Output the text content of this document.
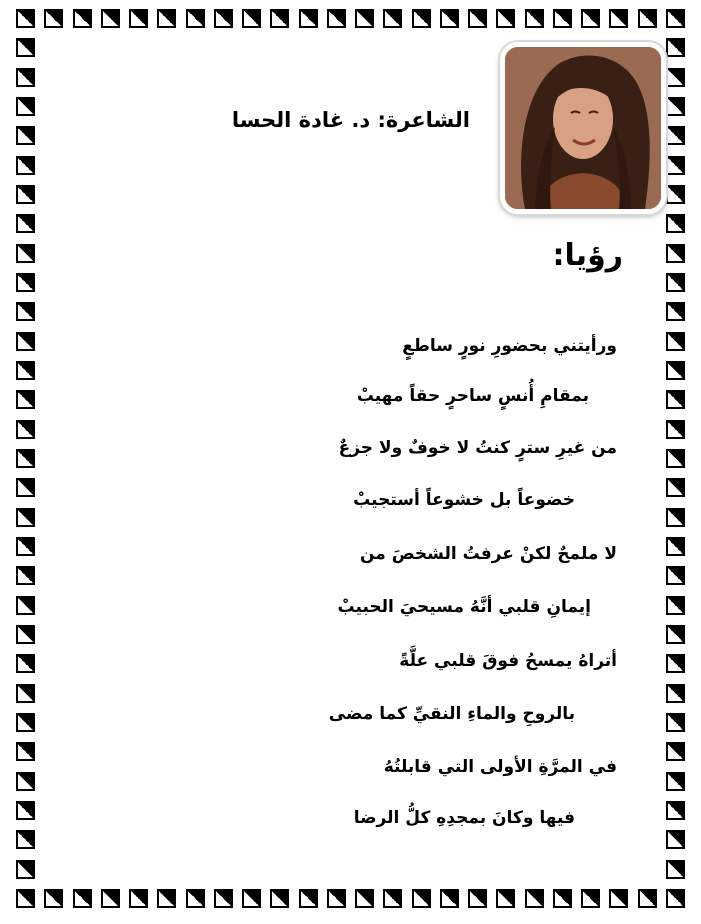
الشاعرة: د. غادة الحسا
رؤيا:
ورأيتني بحضورِ نورٍ ساطعٍ
بمقامِ أُنسٍ ساحرٍ حقاً مهيبْ
من غيرِ سترٍ كنتُ لا خوفٌ ولا جزعٌ
خضوعاً بل خشوعاً أستجيبْ
لا ملمحٌ لكنْ عرفتُ الشخصَ من
إيمانِ قلبي أنَّهُ مسيحيَ الحبيبْ
أتراهُ يمسحُ فوقَ قلبي علَّةً
بالروحِ والماءِ النقيِّ كما مضى
في المرَّةِ الأولى التي قابلتُهُ
فيها وكانَ بمجدِهِ كلُّ الرضا
